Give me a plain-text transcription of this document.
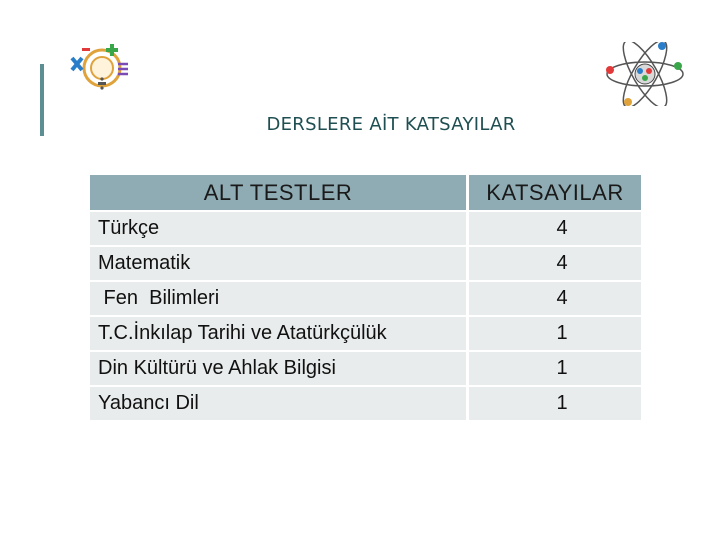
DERSLERE AİT KATSAYILAR
ALT TESTLER	KATSAYILAR
Türkçe	4
Matematik	4
Fen  Bilimleri	4
T.C.İnkılap Tarihi ve Atatürkçülük	1
Din Kültürü ve Ahlak Bilgisi	1
Yabancı Dil	1
